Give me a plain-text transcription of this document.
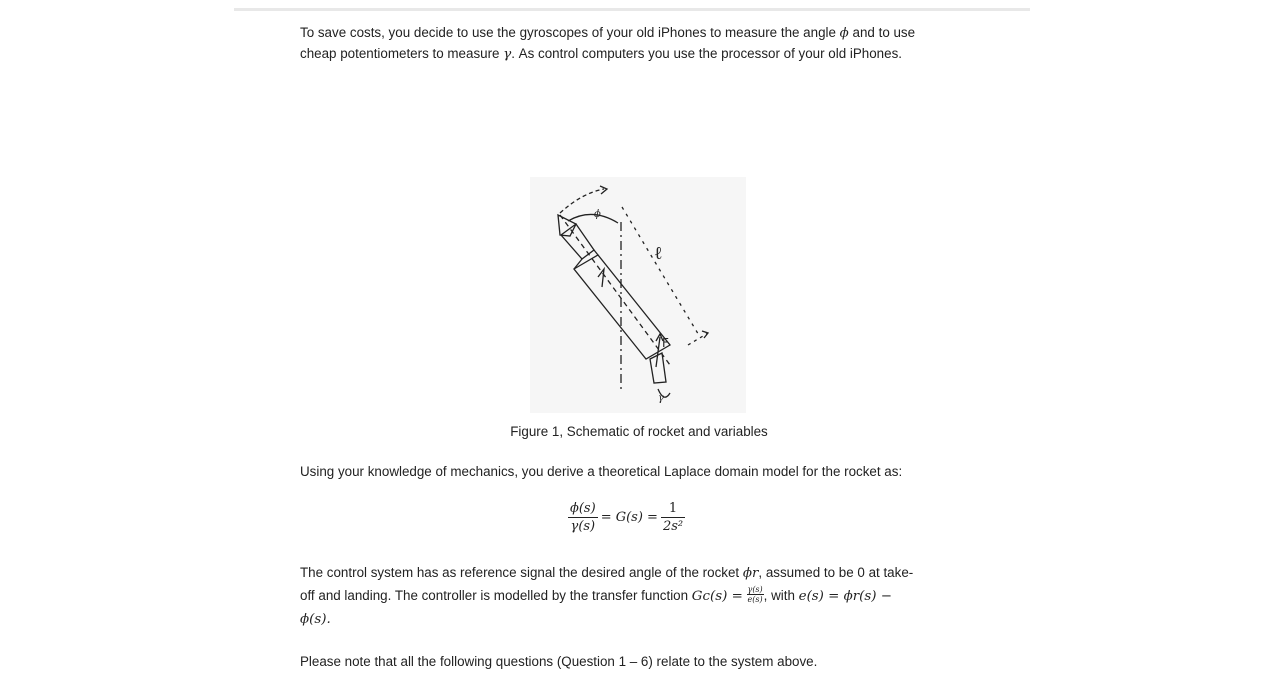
To save costs, you decide to use the gyroscopes of your old iPhones to measure the angle ϕ and to use
cheap potentiometers to measure γ. As control computers you use the processor of your old iPhones.
ϕ
ℓ
F
γ
Figure 1, Schematic of rocket and variables
Using your knowledge of mechanics, you derive a theoretical Laplace domain model for the rocket as:
$\frac{\phi(s)}{\gamma(s)} = G(s) = \frac{1}{\text{2s²}}$
The control system has as reference signal the desired angle of the rocket ϕr, assumed to be 0 at take-
off and landing. The controller is modelled by the transfer function $Gc(s) = \frac{\gamma(s)}{e(s)}$ , with e(s) = ϕr(s) −
ϕ(s).
Please note that all the following questions (Question 1 – 6) relate to the system above.
